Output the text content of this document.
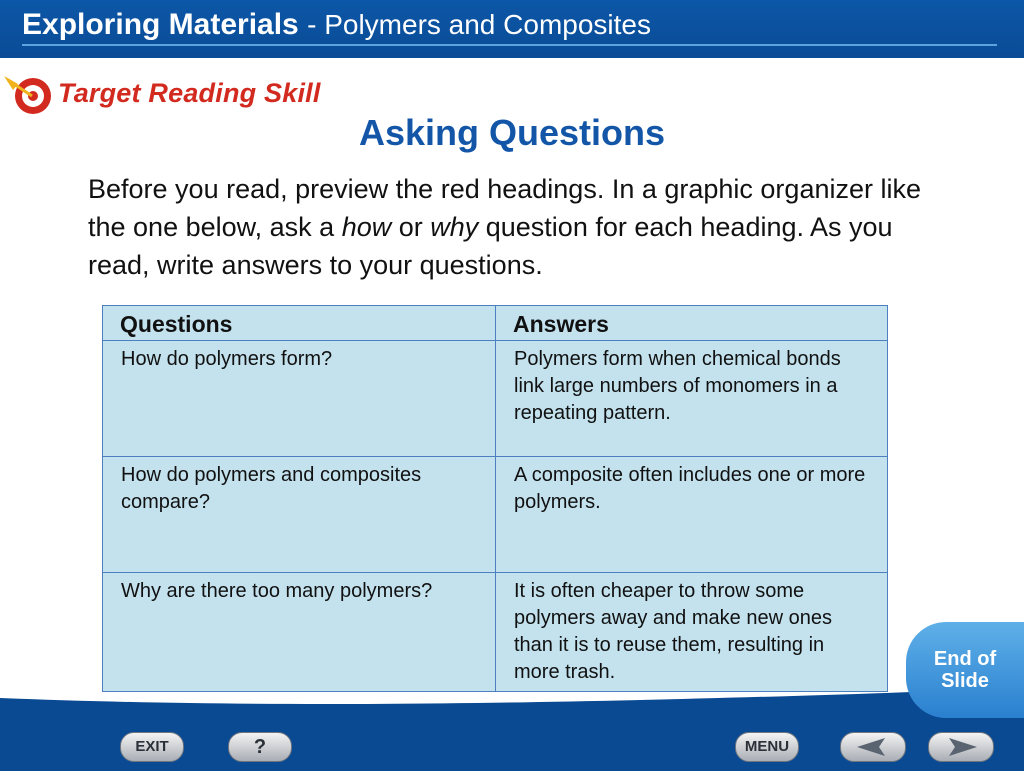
Exploring Materials - Polymers and Composites
Target Reading Skill
Asking Questions
Before you read, preview the red headings. In a graphic organizer like the one below, ask a how or why question for each heading. As you read, write answers to your questions.
Questions	Answers

How do polymers form?	Polymers form when chemical bonds link large numbers of monomers in a repeating pattern.

How do polymers and composites compare?	A composite often includes one or more polymers.

Why are there too many polymers?	It is often cheaper to throw some polymers away and make new ones than it is to reuse them, resulting in more trash.
End of
Slide
EXIT	?	MENU
